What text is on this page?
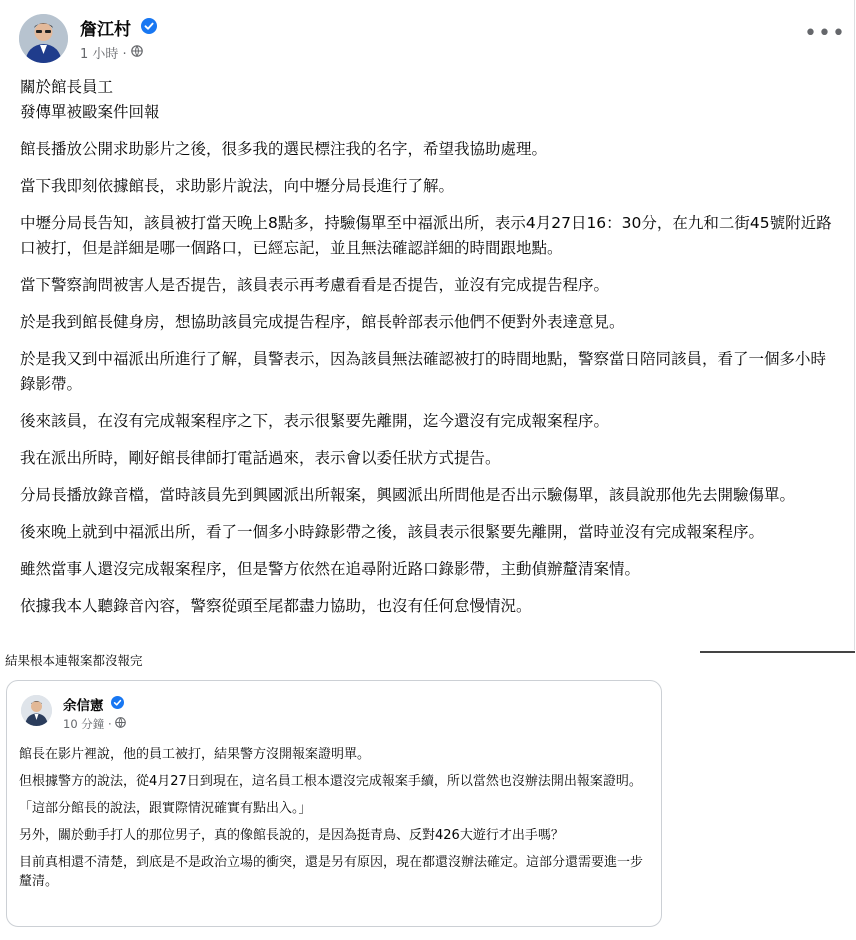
詹江村
1 小時 ·
•••

關於館長員工

發傳單被毆案件回報

館長播放公開求助影片之後，很多我的選民標注我的名字，希望我協助處理。

當下我即刻依據館長，求助影片說法，向中壢分局長進行了解。

中壢分局長告知，該員被打當天晚上8點多，持驗傷單至中福派出所，表示4月27日16：30分，在九和二街45號附近路口被打，但是詳細是哪一個路口，已經忘記，並且無法確認詳細的時間跟地點。

當下警察詢問被害人是否提告，該員表示再考慮看看是否提告，並沒有完成提告程序。

於是我到館長健身房，想協助該員完成提告程序，館長幹部表示他們不便對外表達意見。

於是我又到中福派出所進行了解，員警表示，因為該員無法確認被打的時間地點，警察當日陪同該員，看了一個多小時錄影帶。

後來該員，在沒有完成報案程序之下，表示很緊要先離開，迄今還沒有完成報案程序。

我在派出所時，剛好館長律師打電話過來，表示會以委任狀方式提告。

分局長播放錄音檔，當時該員先到興國派出所報案，興國派出所問他是否出示驗傷單，該員說那他先去開驗傷單。

後來晚上就到中福派出所，看了一個多小時錄影帶之後，該員表示很緊要先離開，當時並沒有完成報案程序。

雖然當事人還沒完成報案程序，但是警方依然在追尋附近路口錄影帶，主動偵辦釐清案情。

依據我本人聽錄音內容，警察從頭至尾都盡力協助，也沒有任何怠慢情況。

結果根本連報案都沒報完
余信憲
10 分鐘 ·

館長在影片裡說，他的員工被打，結果警方沒開報案證明單。

但根據警方的說法，從4月27日到現在，這名員工根本還沒完成報案手續，所以當然也沒辦法開出報案證明。

「這部分館長的說法，跟實際情況確實有點出入。」

另外，關於動手打人的那位男子，真的像館長說的，是因為挺青鳥、反對426大遊行才出手嗎？

目前真相還不清楚，到底是不是政治立場的衝突，還是另有原因，現在都還沒辦法確定。這部分還需要進一步釐清。
